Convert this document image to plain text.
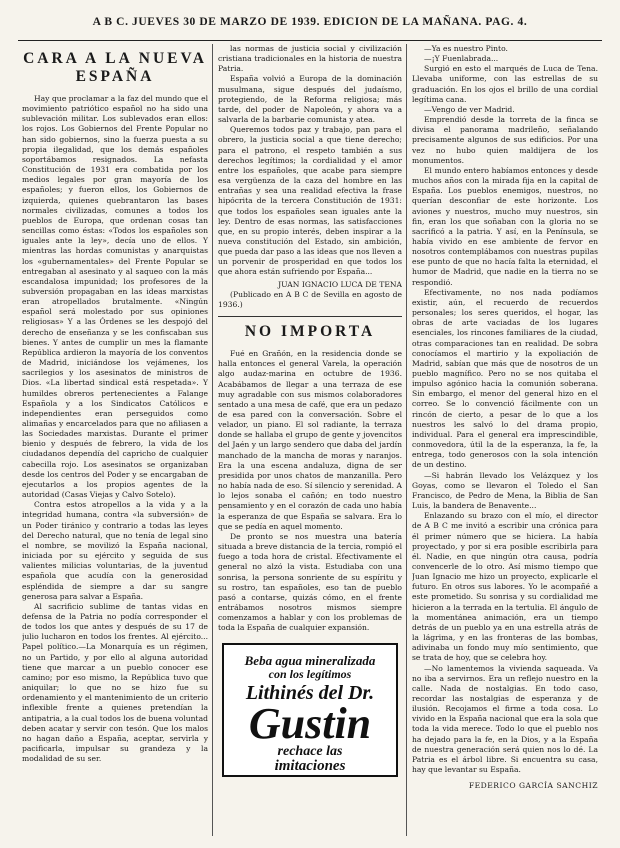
A B C. JUEVES 30 DE MARZO DE 1939. EDICION DE LA MAÑANA. PAG. 4.
CARA A LA NUEVA ESPAÑA

Hay que proclamar a la faz del mundo que el movimiento patriótico español no ha sido una sublevación militar. Los sublevados eran ellos: los rojos. Los Gobiernos del Frente Popular no han sido gobiernos, sino la fuerza puesta a su propia ilegalidad, que los demás españoles soportábamos resignados. La nefasta Constitución de 1931 era combatida por los medios legales por gran mayoría de los españoles; y fueron ellos, los Gobiernos de izquierda, quienes quebrantaron las bases normales civilizadas, comunes a todos los pueblos de Europa, que ordenan cosas tan sencillas como éstas: «Todos los españoles son iguales ante la ley», decía uno de ellos. Y mientras las hordas comunistas y anarquistas los «gubernamentales» del Frente Popular se entregaban al asesinato y al saqueo con la más escandalosa impunidad; los profesores de la subversión propagaban en las ideas marxistas eran atropellados brutalmente. «Ningún español será molestado por sus opiniones religiosas» Y a las Órdenes se les despojó del derecho de enseñanza y se les confiscaban sus bienes. Y antes de cumplir un mes la flamante República ardieron la mayoría de los conventos de Madrid, iniciándose los vejámenes, los sacrilegios y los asesinatos de ministros de Dios. «La libertad sindical está respetada». Y humildes obreros pertenecientes a Falange Española y a los Sindicatos Católicos e independientes eran perseguidos como alimañas y encarcelados para que no afiliasen a las Sociedades marxistas. Durante el primer bienio y después de febrero, la vida de los ciudadanos dependía del capricho de cualquier cabecilla rojo. Los asesinatos se organizaban desde los centros del Poder y se encargaban de ejecutarlos a los propios agentes de la autoridad (Casas Viejas y Calvo Sotelo).

Contra estos atropellos a la vida y a la integridad humana, contra «la subversión» de un Poder tiránico y contrario a todas las leyes del Derecho natural, que no tenía de legal sino el nombre, se movilizó la España nacional, iniciada por su ejército y seguida de sus valientes milicias voluntarias, de la juventud española que acudía con la generosidad espléndida de siempre a dar su sangre generosa para salvar a España.

Al sacrificio sublime de tantas vidas en defensa de la Patria no podía corresponder el de todos los que antes y después de su 17 de julio lucharon en todos los frentes. Al ejército... Papel político.—La Monarquía es un régimen, no un Partido, y por ello al alguna autoridad tiene que marcar a un pueblo conocer ese camino; por eso mismo, la República tuvo que aniquilar; lo que no se hizo fue su ordenamiento y el mantenimiento de un criterio inflexible frente a quienes pretendían la antipatria, a la cual todos los de buena voluntad deben acatar y servir con tesón. Que los malos no hagan daño a España, aceptar, servirla y pacificarla, impulsar su grandeza y la modalidad de su ser.

las normas de justicia social y civilización cristiana tradicionales en la historia de nuestra Patria.

España volvió a Europa de la dominación musulmana, sigue después del judaísmo, protegiendo, de la Reforma religiosa; más tarde, del poder de Napoleón, y ahora va a salvarla de la barbarie comunista y atea.

Queremos todos paz y trabajo, pan para el obrero, la justicia social a que tiene derecho; para el patrono, el respeto también a sus derechos legítimos; la cordialidad y el amor entre los españoles, que acabe para siempre esa vergüenza de la caza del hombre en las entrañas y sea una realidad efectiva la frase hipócrita de la tercera Constitución de 1931: que todos los españoles sean iguales ante la ley. Dentro de esas normas, las satisfacciones que, en su propio interés, deben inspirar a la nueva constitución del Estado, sin ambición, que pueda dar paso a las ideas que nos lleven a un porvenir de prosperidad en que todos los que ahora están sufriendo por España...

JUAN IGNACIO LUCA DE TENA

(Publicado en A B C de Sevilla en agosto de 1936.)

NO IMPORTA

Fué en Grañón, en la residencia donde se halla entonces el general Varela, la operación algo audaz-marina en octubre de 1936. Acabábamos de llegar a una terraza de ese muy agradable con sus mismos colaboradores sentado a una mesa de café, que era un pedazo de esa pared con la conversación. Sobre el velador, un piano. El sol radiante, la terraza donde se hallaba el grupo de gente y jovencitos del Jaén y un largo sendero que daba del jardín manchado de la mancha de moras y naranjos. Era la una escena andaluza, digna de ser presidida por unos chatos de manzanilla. Pero no había nada de eso. Sí silencio y serenidad. A lo lejos sonaba el cañón; en todo nuestro pensamiento y en el corazón de cada uno había la esperanza de que España se salvara. Era lo que se pedía en aquel momento.

De pronto se nos muestra una batería situada a breve distancia de la tercia, rompió el fuego a toda hora de cristal. Efectivamente el general no alzó la vista. Estudiaba con una sonrisa, la persona sonriente de su espíritu y su rostro, tan españoles, eso tan de pueblo pasó a contarse, quizás cómo, en el frente entrábamos nosotros mismos siempre comenzamos a hablar y con los problemas de toda la España de cualquier expansión.

Beba agua mineralizada
con los legítimos
Lithinés del Dr.
Gustin
rechace las
imitaciones

—Ya es nuestro Pinto.

—¡Y Fuenlabrada...

Surgió en esto el marqués de Luca de Tena. Llevaba uniforme, con las estrellas de su graduación. En los ojos el brillo de una cordial legítima cana.

—Vengo de ver Madrid.

Emprendió desde la torreta de la finca se divisa el panorama madrileño, señalando precisamente algunos de sus edificios. Por una vez no hubo quien maldijera de los monumentos.

El mundo entero habíamos entonces y desde muchos años con la mirada fija en la capital de España. Los pueblos enemigos, nuestros, no querían desconfiar de este horizonte. Los aviones y nuestros, mucho muy nuestros, sin fin, eran los que soñaban con la gloria no se sacrificó a la patria. Y así, en la Península, se había vivido en ese ambiente de fervor en nosotros contemplábamos con nuestras pupilas ese punto de que no hacía falta la eternidad, el humor de Madrid, que nadie en la tierra no se respondió.

Efectivamente, no nos nada podíamos existir, aún, el recuerdo de recuerdos personales; los seres queridos, el hogar, las obras de arte vaciadas de los lugares esenciales, los rincones familiares de la ciudad, otras comparaciones tan en realidad. De sobra conocíamos el martirio y la expoliación de Madrid, sabían que más que de nosotros de un pueblo magnífico. Pero no se nos quitaba el impulso agónico hacia la comunión soberana. Sin embargo, el menor del general hizo en el correo. Se lo convenció fácilmente con un rincón de cierto, a pesar de lo que a los nuestros les salvó lo del drama propio, individual. Para el general era imprescindible, conmovedora, útil la de la esperanza, la fe, la entrega, todo generosos con la sola intención de un destino.

—Si habrán llevado los Velázquez y los Goyas, como se llevaron el Toledo el San Francisco, de Pedro de Mena, la Biblia de San Luis, la bandera de Benavente...

Enlazando su brazo con el mío, el director de A B C me invitó a escribir una crónica para él primer número que se hiciera. La había proyectado, y por si era posible escribirla para él. Nadie, en que ningún otra causa, podría convencerle de lo otro. Así mismo tiempo que Juan Ignacio me hizo un proyecto, explicarle el futuro. En otros sus labores. Yo le acompañé a este prometido. Su sonrisa y su cordialidad me hicieron a la terrada en la tertulia. El ángulo de la momentánea animación, era un tiempo detrás de un pueblo ya en una estrella atrás de la lágrima, y en las fronteras de las bombas, adivinaba un fondo muy mío sentimiento, que se trata de hoy, que se celebra hoy.

—No lamentemos la vivienda saqueada. Va no iba a servirnos. Era un reflejo nuestro en la calle. Nada de nostalgias. En todo caso, recordar las nostalgias de esperanza y de ilusión. Recojamos el firme a toda cosa. Lo vivido en la España nacional que era la sola que toda la vida merece. Todo lo que el pueblo nos ha dejado para la fe, en la Dios, y a la España de nuestra generación será quien nos lo dé. La Patria es el árbol libre. Si encuentra su casa, hay que levantar su España.

FEDERICO GARCÍA SANCHIZ
